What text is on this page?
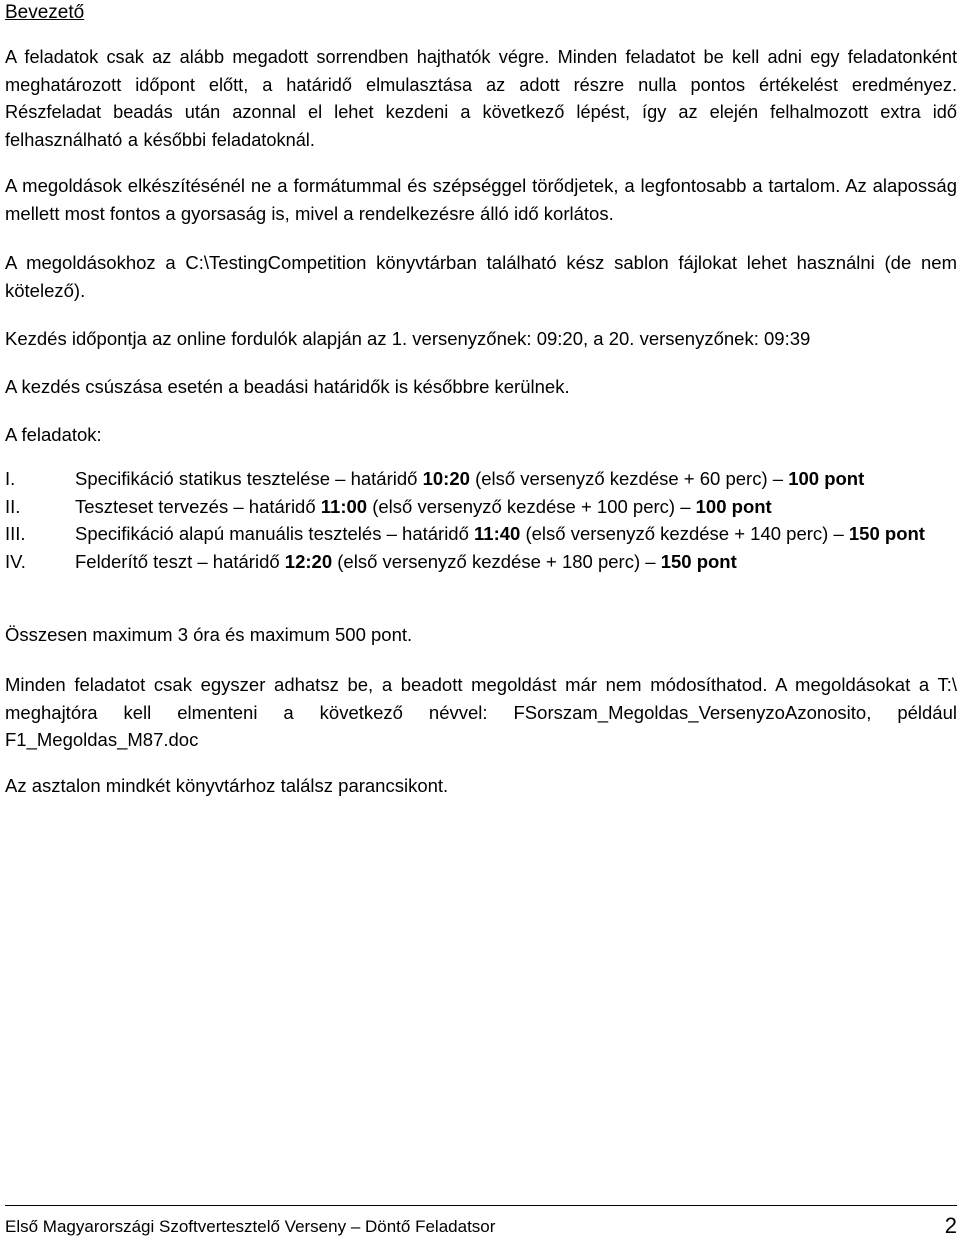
Bevezető

A feladatok csak az alább megadott sorrendben hajthatók végre. Minden feladatot be kell adni egy feladatonként meghatározott időpont előtt, a határidő elmulasztása az adott részre nulla pontos értékelést eredményez. Részfeladat beadás után azonnal el lehet kezdeni a következő lépést, így az elején felhalmozott extra idő felhasználható a későbbi feladatoknál.

A megoldások elkészítésénél ne a formátummal és szépséggel törődjetek, a legfontosabb a tartalom. Az alaposság mellett most fontos a gyorsaság is, mivel a rendelkezésre álló idő korlátos.

A megoldásokhoz a C:\TestingCompetition könyvtárban található kész sablon fájlokat lehet használni (de nem kötelező).

Kezdés időpontja az online fordulók alapján az 1. versenyzőnek: 09:20, a 20. versenyzőnek: 09:39

A kezdés csúszása esetén a beadási határidők is későbbre kerülnek.

A feladatok:

I.	Specifikáció statikus tesztelése – határidő 10:20 (első versenyző kezdése + 60 perc) – 100 pont
II.	Teszteset tervezés – határidő 11:00 (első versenyző kezdése + 100 perc) – 100 pont
III.	Specifikáció alapú manuális tesztelés – határidő 11:40 (első versenyző kezdése + 140 perc) – 150 pont
IV.	Felderítő teszt – határidő 12:20 (első versenyző kezdése + 180 perc) – 150 pont

Összesen maximum 3 óra és maximum 500 pont.

Minden feladatot csak egyszer adhatsz be, a beadott megoldást már nem módosíthatod. A megoldásokat a T:\ meghajtóra kell elmenteni a következő névvel: FSorszam_Megoldas_VersenyzoAzonosito, például F1_Megoldas_M87.doc

Az asztalon mindkét könyvtárhoz találsz parancsikont.

Első Magyarországi Szoftvertesztelő Verseny – Döntő Feladatsor	2
